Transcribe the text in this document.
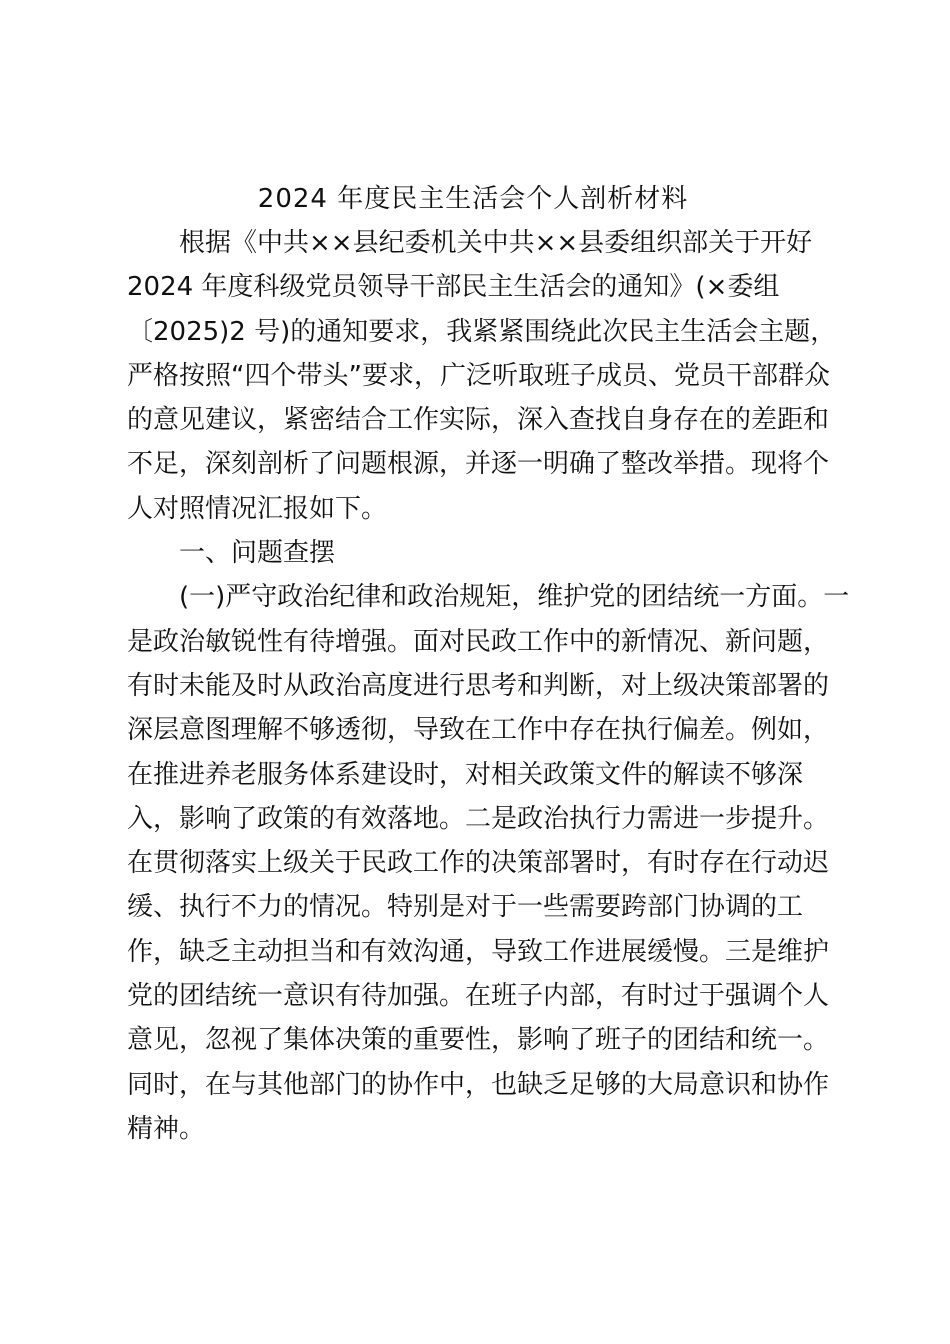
2024 年度民主生活会个人剖析材料

根据《中共××县纪委机关中共××县委组织部关于开好

2024 年度科级党员领导干部民主生活会的通知》(×委组

〔2025)2 号)的通知要求，我紧紧围绕此次民主生活会主题，

严格按照“四个带头”要求，广泛听取班子成员、党员干部群众

的意见建议，紧密结合工作实际，深入查找自身存在的差距和

不足，深刻剖析了问题根源，并逐一明确了整改举措。现将个

人对照情况汇报如下。

一、问题查摆

(一)严守政治纪律和政治规矩，维护党的团结统一方面。一

是政治敏锐性有待增强。面对民政工作中的新情况、新问题，

有时未能及时从政治高度进行思考和判断，对上级决策部署的

深层意图理解不够透彻，导致在工作中存在执行偏差。例如，

在推进养老服务体系建设时，对相关政策文件的解读不够深

入，影响了政策的有效落地。二是政治执行力需进一步提升。

在贯彻落实上级关于民政工作的决策部署时，有时存在行动迟

缓、执行不力的情况。特别是对于一些需要跨部门协调的工

作，缺乏主动担当和有效沟通，导致工作进展缓慢。三是维护

党的团结统一意识有待加强。在班子内部，有时过于强调个人

意见，忽视了集体决策的重要性，影响了班子的团结和统一。

同时，在与其他部门的协作中，也缺乏足够的大局意识和协作

精神。
